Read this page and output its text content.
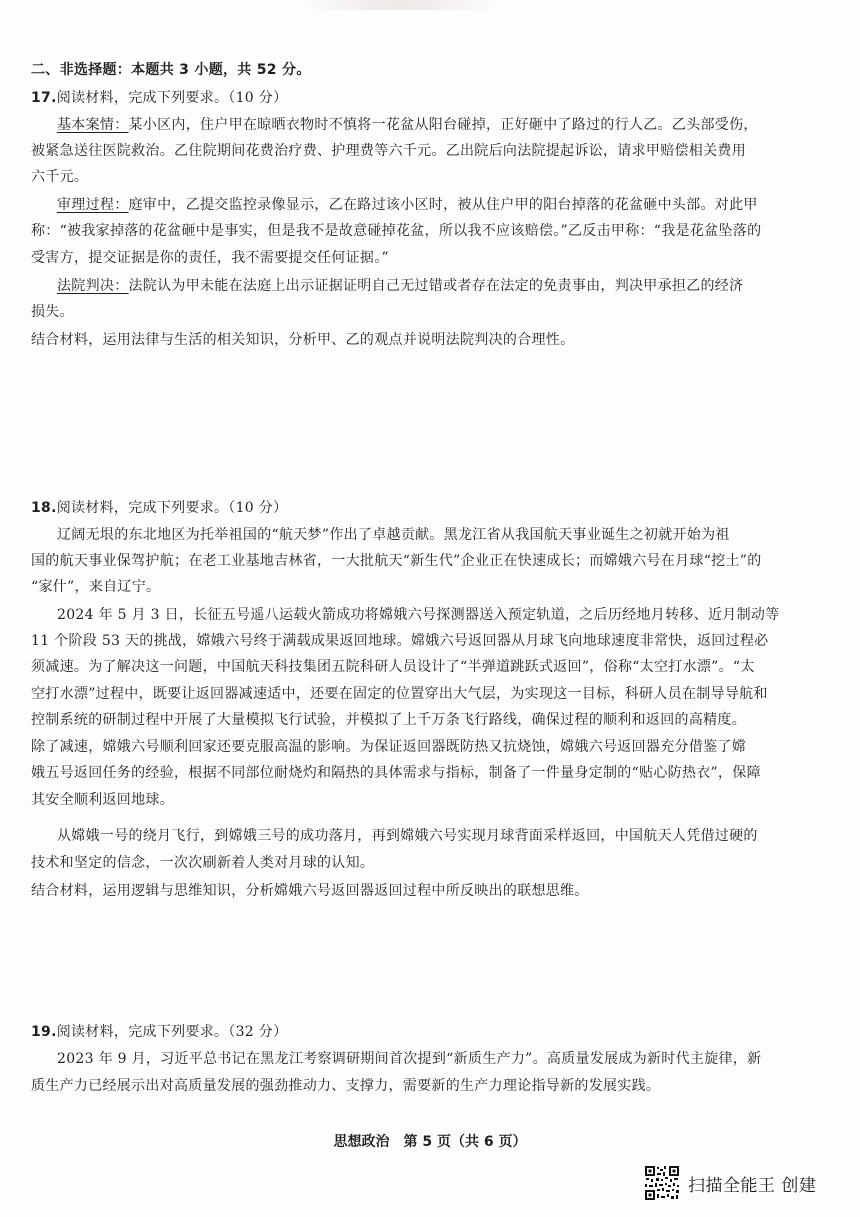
二、非选择题：本题共 3 小题，共 52 分。
17.阅读材料，完成下列要求。（10 分）
基本案情：某小区内，住户甲在晾晒衣物时不慎将一花盆从阳台碰掉，正好砸中了路过的行人乙。乙头部受伤，
被紧急送往医院救治。乙住院期间花费治疗费、护理费等六千元。乙出院后向法院提起诉讼，请求甲赔偿相关费用
六千元。
审理过程：庭审中，乙提交监控录像显示，乙在路过该小区时，被从住户甲的阳台掉落的花盆砸中头部。对此甲
称：“被我家掉落的花盆砸中是事实，但是我不是故意碰掉花盆，所以我不应该赔偿。”乙反击甲称：“我是花盆坠落的
受害方，提交证据是你的责任，我不需要提交任何证据。”
法院判决：法院认为甲未能在法庭上出示证据证明自己无过错或者存在法定的免责事由，判决甲承担乙的经济
损失。
结合材料，运用法律与生活的相关知识，分析甲、乙的观点并说明法院判决的合理性。
18.阅读材料，完成下列要求。（10 分）
辽阔无垠的东北地区为托举祖国的“航天梦”作出了卓越贡献。黑龙江省从我国航天事业诞生之初就开始为祖
国的航天事业保驾护航；在老工业基地吉林省，一大批航天“新生代”企业正在快速成长；而嫦娥六号在月球“挖土”的
“家什”，来自辽宁。
2024 年 5 月 3 日，长征五号遥八运载火箭成功将嫦娥六号探测器送入预定轨道，之后历经地月转移、近月制动等
11 个阶段 53 天的挑战，嫦娥六号终于满载成果返回地球。嫦娥六号返回器从月球飞向地球速度非常快，返回过程必
须减速。为了解决这一问题，中国航天科技集团五院科研人员设计了“半弹道跳跃式返回”，俗称“太空打水漂”。“太
空打水漂”过程中，既要让返回器减速适中，还要在固定的位置穿出大气层，为实现这一目标，科研人员在制导导航和
控制系统的研制过程中开展了大量模拟飞行试验，并模拟了上千万条飞行路线，确保过程的顺利和返回的高精度。
除了减速，嫦娥六号顺利回家还要克服高温的影响。为保证返回器既防热又抗烧蚀，嫦娥六号返回器充分借鉴了嫦
娥五号返回任务的经验，根据不同部位耐烧灼和隔热的具体需求与指标，制备了一件量身定制的“贴心防热衣”，保障
其安全顺利返回地球。
从嫦娥一号的绕月飞行，到嫦娥三号的成功落月，再到嫦娥六号实现月球背面采样返回，中国航天人凭借过硬的
技术和坚定的信念，一次次刷新着人类对月球的认知。
结合材料，运用逻辑与思维知识，分析嫦娥六号返回器返回过程中所反映出的联想思维。
19.阅读材料，完成下列要求。（32 分）
2023 年 9 月，习近平总书记在黑龙江考察调研期间首次提到“新质生产力”。高质量发展成为新时代主旋律，新
质生产力已经展示出对高质量发展的强劲推动力、支撑力，需要新的生产力理论指导新的发展实践。
思想政治　第 5 页（共 6 页）
扫描全能王 创建
